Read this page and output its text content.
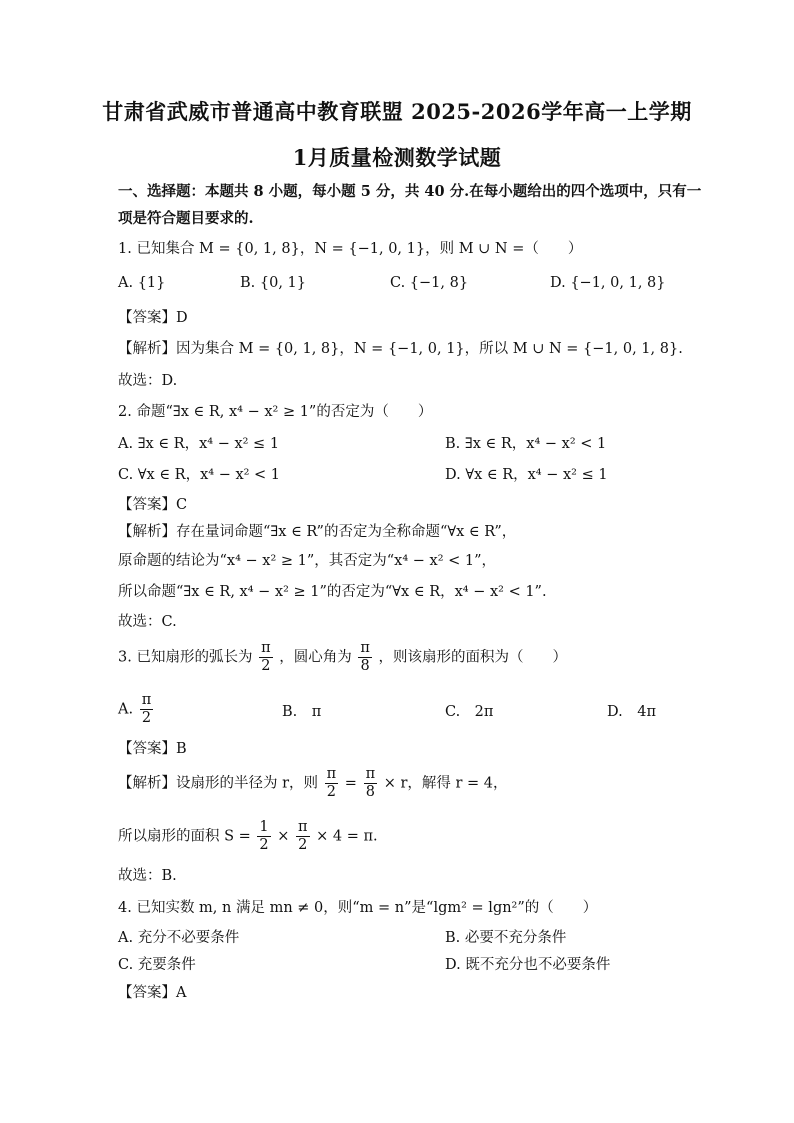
甘肃省武威市普通高中教育联盟 2025-2026学年高一上学期
1月质量检测数学试题
一、选择题：本题共 8 小题，每小题 5 分，共 40 分.在每小题给出的四个选项中，只有一
项是符合题目要求的.
1. 已知集合 M = {0, 1, 8}，N = {−1, 0, 1}，则 M ∪ N =（　　）
A. {1}	B. {0, 1}	C. {−1, 8}	D. {−1, 0, 1, 8}
【答案】D
【解析】因为集合 M = {0, 1, 8}，N = {−1, 0, 1}，所以 M ∪ N = {−1, 0, 1, 8}.
故选：D.
2. 命题“∃x ∈ R, x⁴ − x² ≥ 1”的否定为（　　）
A. ∃x ∈ R，x⁴ − x² ≤ 1	B. ∃x ∈ R，x⁴ − x² < 1
C. ∀x ∈ R，x⁴ − x² < 1	D. ∀x ∈ R，x⁴ − x² ≤ 1
【答案】C
【解析】存在量词命题“∃x ∈ R”的否定为全称命题“∀x ∈ R”，
原命题的结论为“x⁴ − x² ≥ 1”，其否定为“x⁴ − x² < 1”，
所以命题“∃x ∈ R, x⁴ − x² ≥ 1”的否定为“∀x ∈ R，x⁴ − x² < 1”.
故选：C.
3. 已知扇形的弧长为 $\frac{\pi}{2}$ ，圆心角为 $\frac{\pi}{8}$ ，则该扇形的面积为（　　）
A. $\frac{\pi}{2}$	B.　π	C.　2π	D.　4π
【答案】B
【解析】设扇形的半径为 r，则 $\frac{\pi}{2} = \frac{\pi}{8} \times r$，解得 r = 4，
所以扇形的面积 $S = \frac{1}{2} \times \frac{\pi}{2} \times 4 = \pi$.
故选：B.
4. 已知实数 m, n 满足 mn ≠ 0，则“m = n”是“lgm² = lgn²”的（　　）
A. 充分不必要条件	B. 必要不充分条件
C. 充要条件	D. 既不充分也不必要条件
【答案】A
